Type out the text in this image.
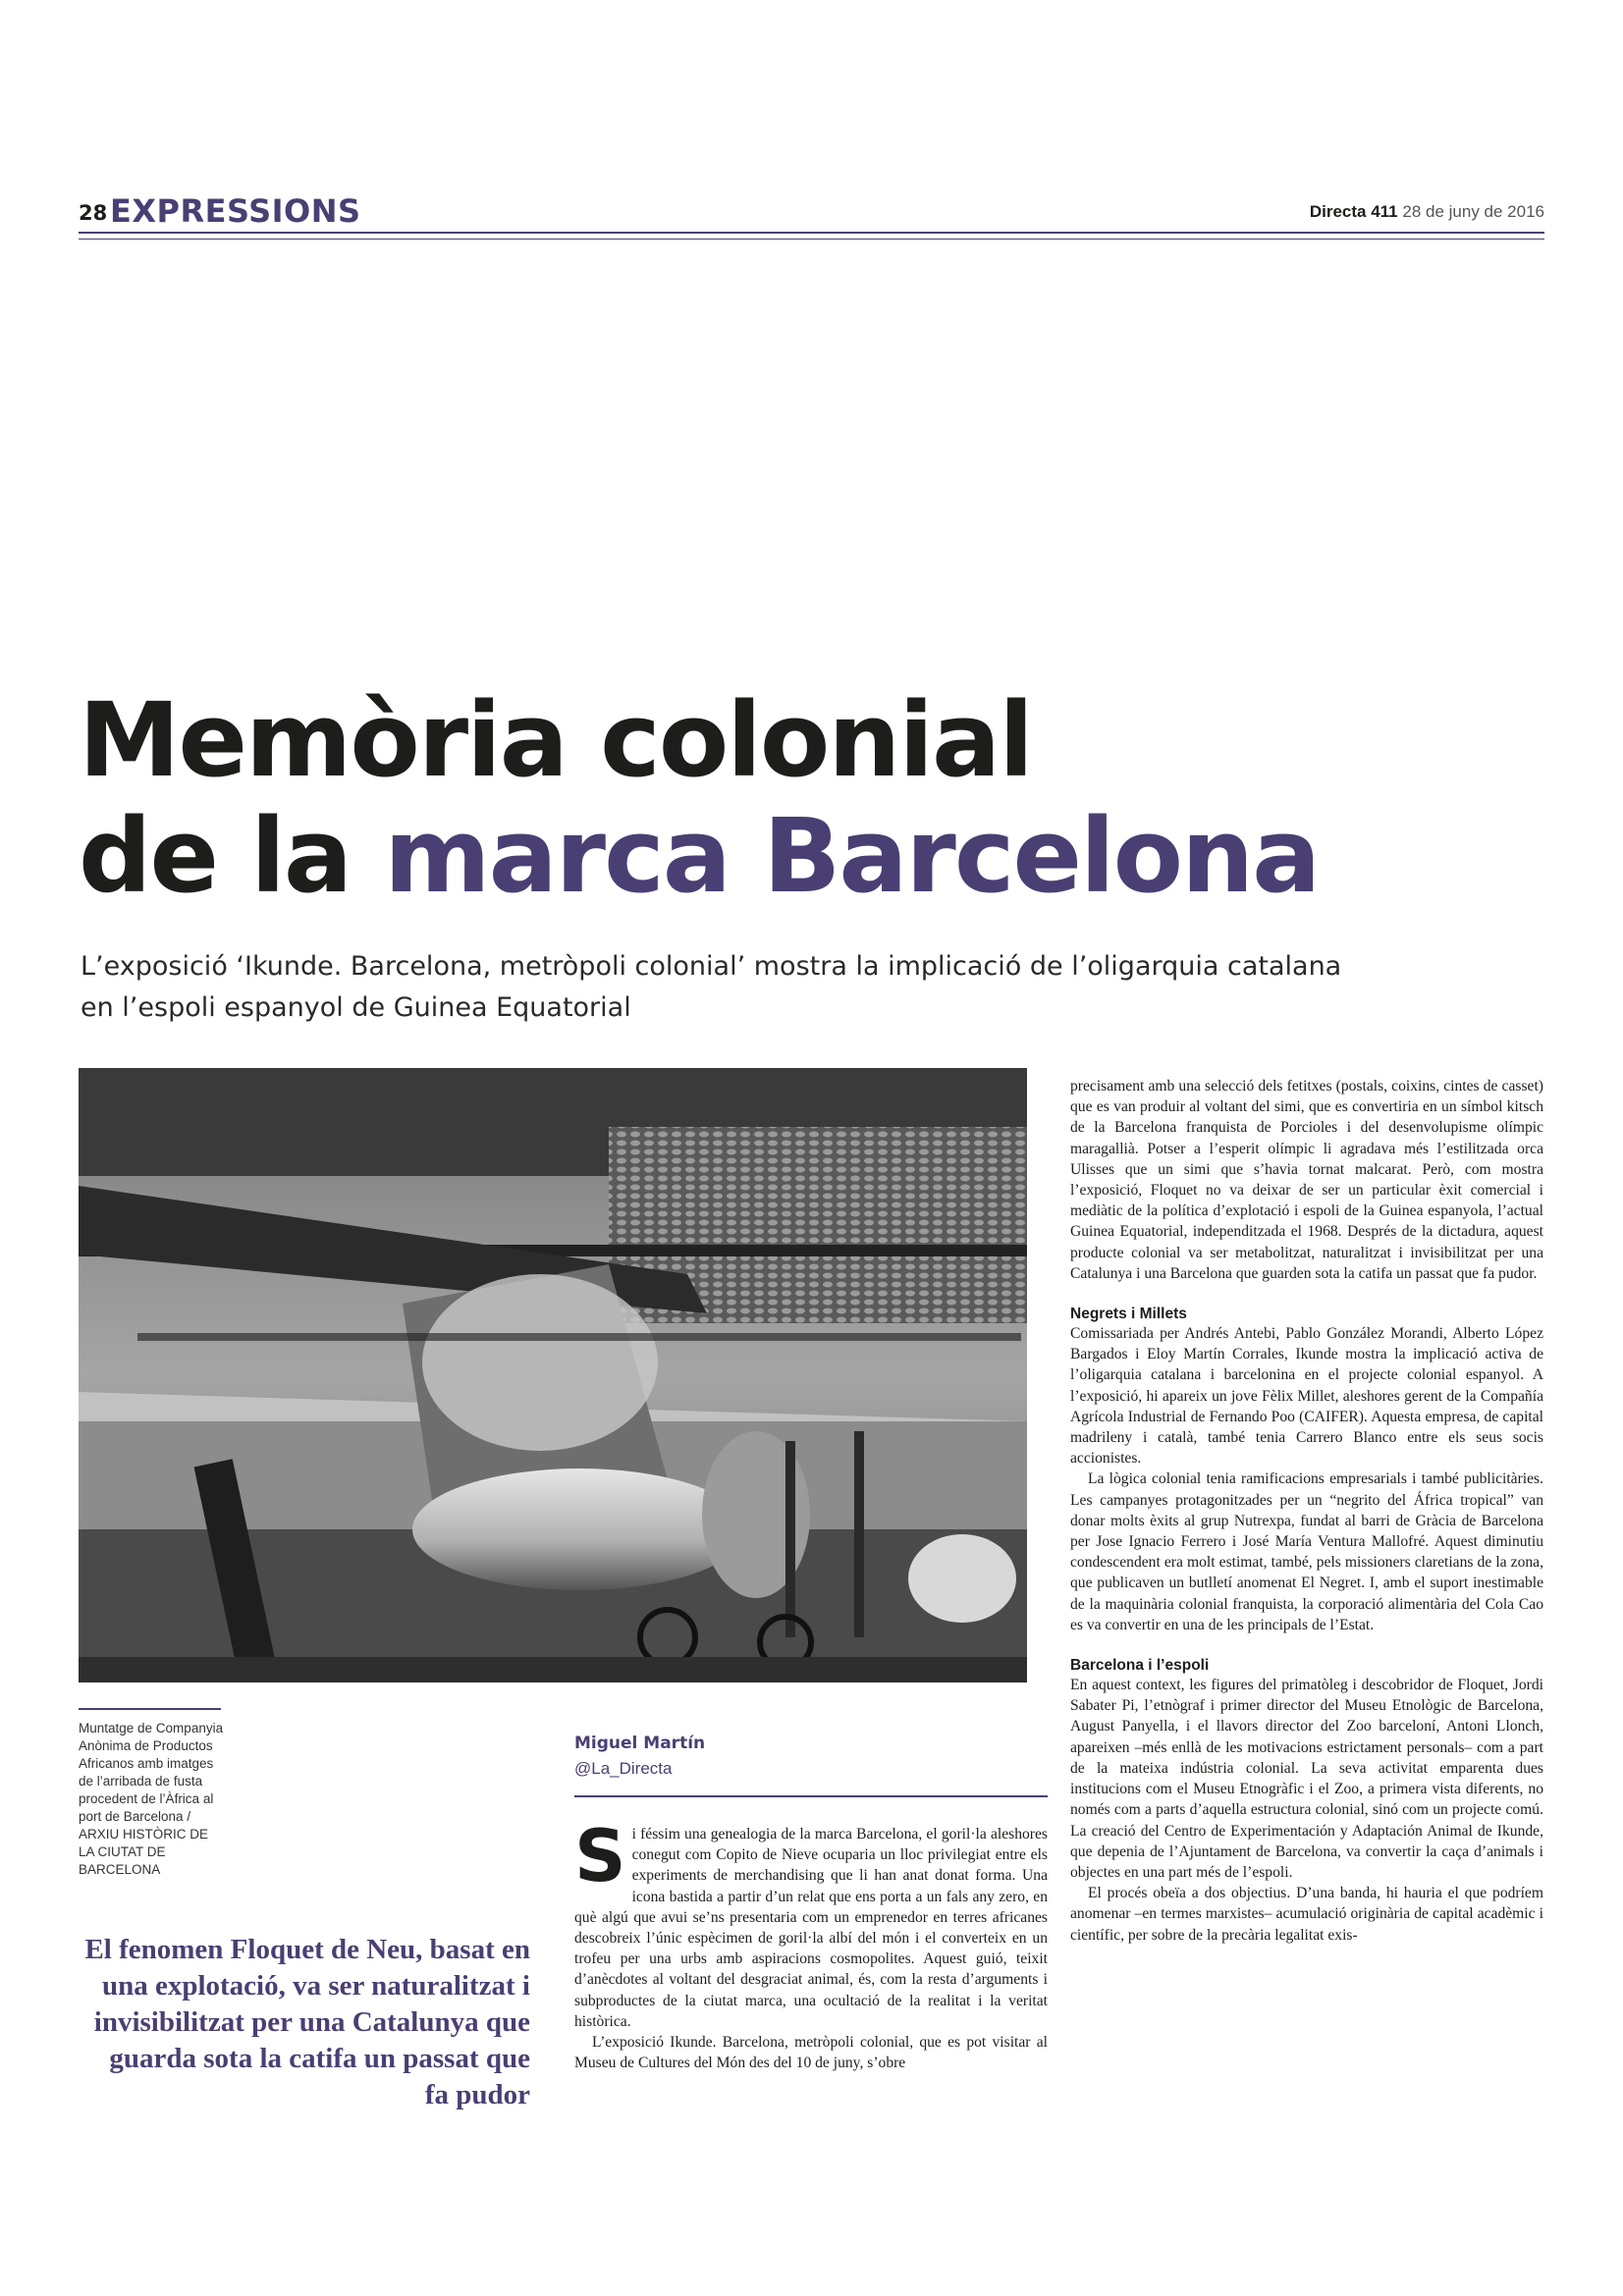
28 EXPRESSIONS	Directa 411 28 de juny de 2016
Memòria colonial
de la marca Barcelona
L’exposició ‘Ikunde. Barcelona, metròpoli colonial’ mostra la implicació de l’oligarquia catalana en l’espoli espanyol de Guinea Equatorial
Muntatge de Companyia Anònima de Productos Africanos amb imatges de l’arribada de fusta procedent de l’Àfrica al port de Barcelona / ARXIU HISTÒRIC DE LA CIUTAT DE BARCELONA
El fenomen Floquet de Neu, basat en una explotació, va ser naturalitzat i invisibilitzat per una Catalunya que guarda sota la catifa un passat que fa pudor
Miguel Martín
@La_Directa

Si féssim una genealogia de la marca Barcelona, el goril·la aleshores conegut com Copito de Nieve ocuparia un lloc privilegiat entre els experiments de merchandising que li han anat donat forma. Una icona bastida a partir d’un relat que ens porta a un fals any zero, en què algú que avui se’ns presentaria com un emprenedor en terres africanes descobreix l’únic espècimen de goril·la albí del món i el converteix en un trofeu per una urbs amb aspiracions cosmopolites. Aquest guió, teixit d’anècdotes al voltant del desgraciat animal, és, com la resta d’arguments i subproductes de la ciutat marca, una ocultació de la realitat i la veritat històrica.

L’exposició Ikunde. Barcelona, metròpoli colonial, que es pot visitar al Museu de Cultures del Món des del 10 de juny, s’obre

precisament amb una selecció dels fetitxes (postals, coixins, cintes de casset) que es van produir al voltant del simi, que es convertiria en un símbol kitsch de la Barcelona franquista de Porcioles i del desenvolupisme olímpic maragallià. Potser a l’esperit olímpic li agradava més l’estilitzada orca Ulisses que un simi que s’havia tornat malcarat. Però, com mostra l’exposició, Floquet no va deixar de ser un particular èxit comercial i mediàtic de la política d’explotació i espoli de la Guinea espanyola, l’actual Guinea Equatorial, independitzada el 1968. Després de la dictadura, aquest producte colonial va ser metabolitzat, naturalitzat i invisibilitzat per una Catalunya i una Barcelona que guarden sota la catifa un passat que fa pudor.

Negrets i Millets

Comissariada per Andrés Antebi, Pablo González Morandi, Alberto López Bargados i Eloy Martín Corrales, Ikunde mostra la implicació activa de l’oligarquia catalana i barcelonina en el projecte colonial espanyol. A l’exposició, hi apareix un jove Fèlix Millet, aleshores gerent de la Compañía Agrícola Industrial de Fernando Poo (CAIFER). Aquesta empresa, de capital madrileny i català, també tenia Carrero Blanco entre els seus socis accionistes.

La lògica colonial tenia ramificacions empresarials i també publicitàries. Les campanyes protagonitzades per un “negrito del África tropical” van donar molts èxits al grup Nutrexpa, fundat al barri de Gràcia de Barcelona per Jose Ignacio Ferrero i José María Ventura Mallofré. Aquest diminutiu condescendent era molt estimat, també, pels missioners claretians de la zona, que publicaven un butlletí anomenat El Negret. I, amb el suport inestimable de la maquinària colonial franquista, la corporació alimentària del Cola Cao es va convertir en una de les principals de l’Estat.

Barcelona i l’espoli

En aquest context, les figures del primatòleg i descobridor de Floquet, Jordi Sabater Pi, l’etnògraf i primer director del Museu Etnològic de Barcelona, August Panyella, i el llavors director del Zoo barceloní, Antoni Llonch, apareixen –més enllà de les motivacions estrictament personals– com a part de la mateixa indústria colonial. La seva activitat emparenta dues institucions com el Museu Etnogràfic i el Zoo, a primera vista diferents, no només com a parts d’aquella estructura colonial, sinó com un projecte comú. La creació del Centro de Experimentación y Adaptación Animal de Ikunde, que depenia de l’Ajuntament de Barcelona, va convertir la caça d’animals i objectes en una part més de l’espoli.

El procés obeïa a dos objectius. D’una banda, hi hauria el que podríem anomenar –en termes marxistes– acumulació originària de capital acadèmic i científic, per sobre de la precària legalitat exis-
